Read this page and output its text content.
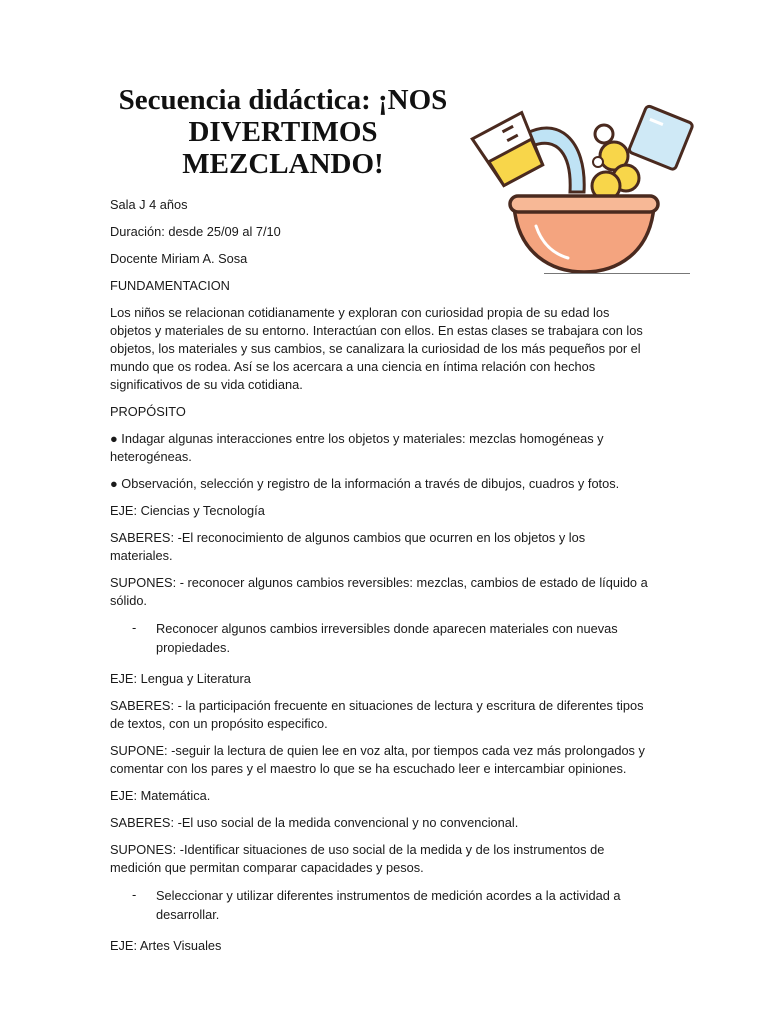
Secuencia didáctica: ¡NOS DIVERTIMOS MEZCLANDO!

Sala J 4 años

Duración: desde 25/09 al 7/10

Docente Miriam A. Sosa

FUNDAMENTACION

Los niños se relacionan cotidianamente y exploran con curiosidad propia de su edad los objetos y materiales de su entorno. Interactúan con ellos. En estas clases se trabajara con los objetos, los materiales y sus cambios, se canalizara la curiosidad de los más pequeños por el mundo que os rodea. Así se los acercara a una ciencia en íntima relación con hechos significativos de su vida cotidiana.

PROPÓSITO

● Indagar algunas interacciones entre los objetos y materiales: mezclas homogéneas y heterogéneas.

● Observación, selección y registro de la información a través de dibujos, cuadros y fotos.

EJE: Ciencias y Tecnología

SABERES: -El reconocimiento de algunos cambios que ocurren en los objetos y los materiales.

SUPONES: - reconocer algunos cambios reversibles: mezclas, cambios de estado de líquido a sólido.

-	Reconocer algunos cambios irreversibles donde aparecen materiales con nuevas propiedades.

EJE: Lengua y Literatura

SABERES: - la participación frecuente en situaciones de lectura y escritura de diferentes tipos de textos, con un propósito especifico.

SUPONE: -seguir la lectura de quien lee en voz alta, por tiempos cada vez más prolongados y comentar con los pares y el maestro lo que se ha escuchado leer e intercambiar opiniones.

EJE: Matemática.

SABERES: -El uso social de la medida convencional y no convencional.

SUPONES: -Identificar situaciones de uso social de la medida y de los instrumentos de medición que permitan comparar capacidades y pesos.

-	Seleccionar y utilizar diferentes instrumentos de medición acordes a la actividad a desarrollar.

EJE: Artes Visuales
